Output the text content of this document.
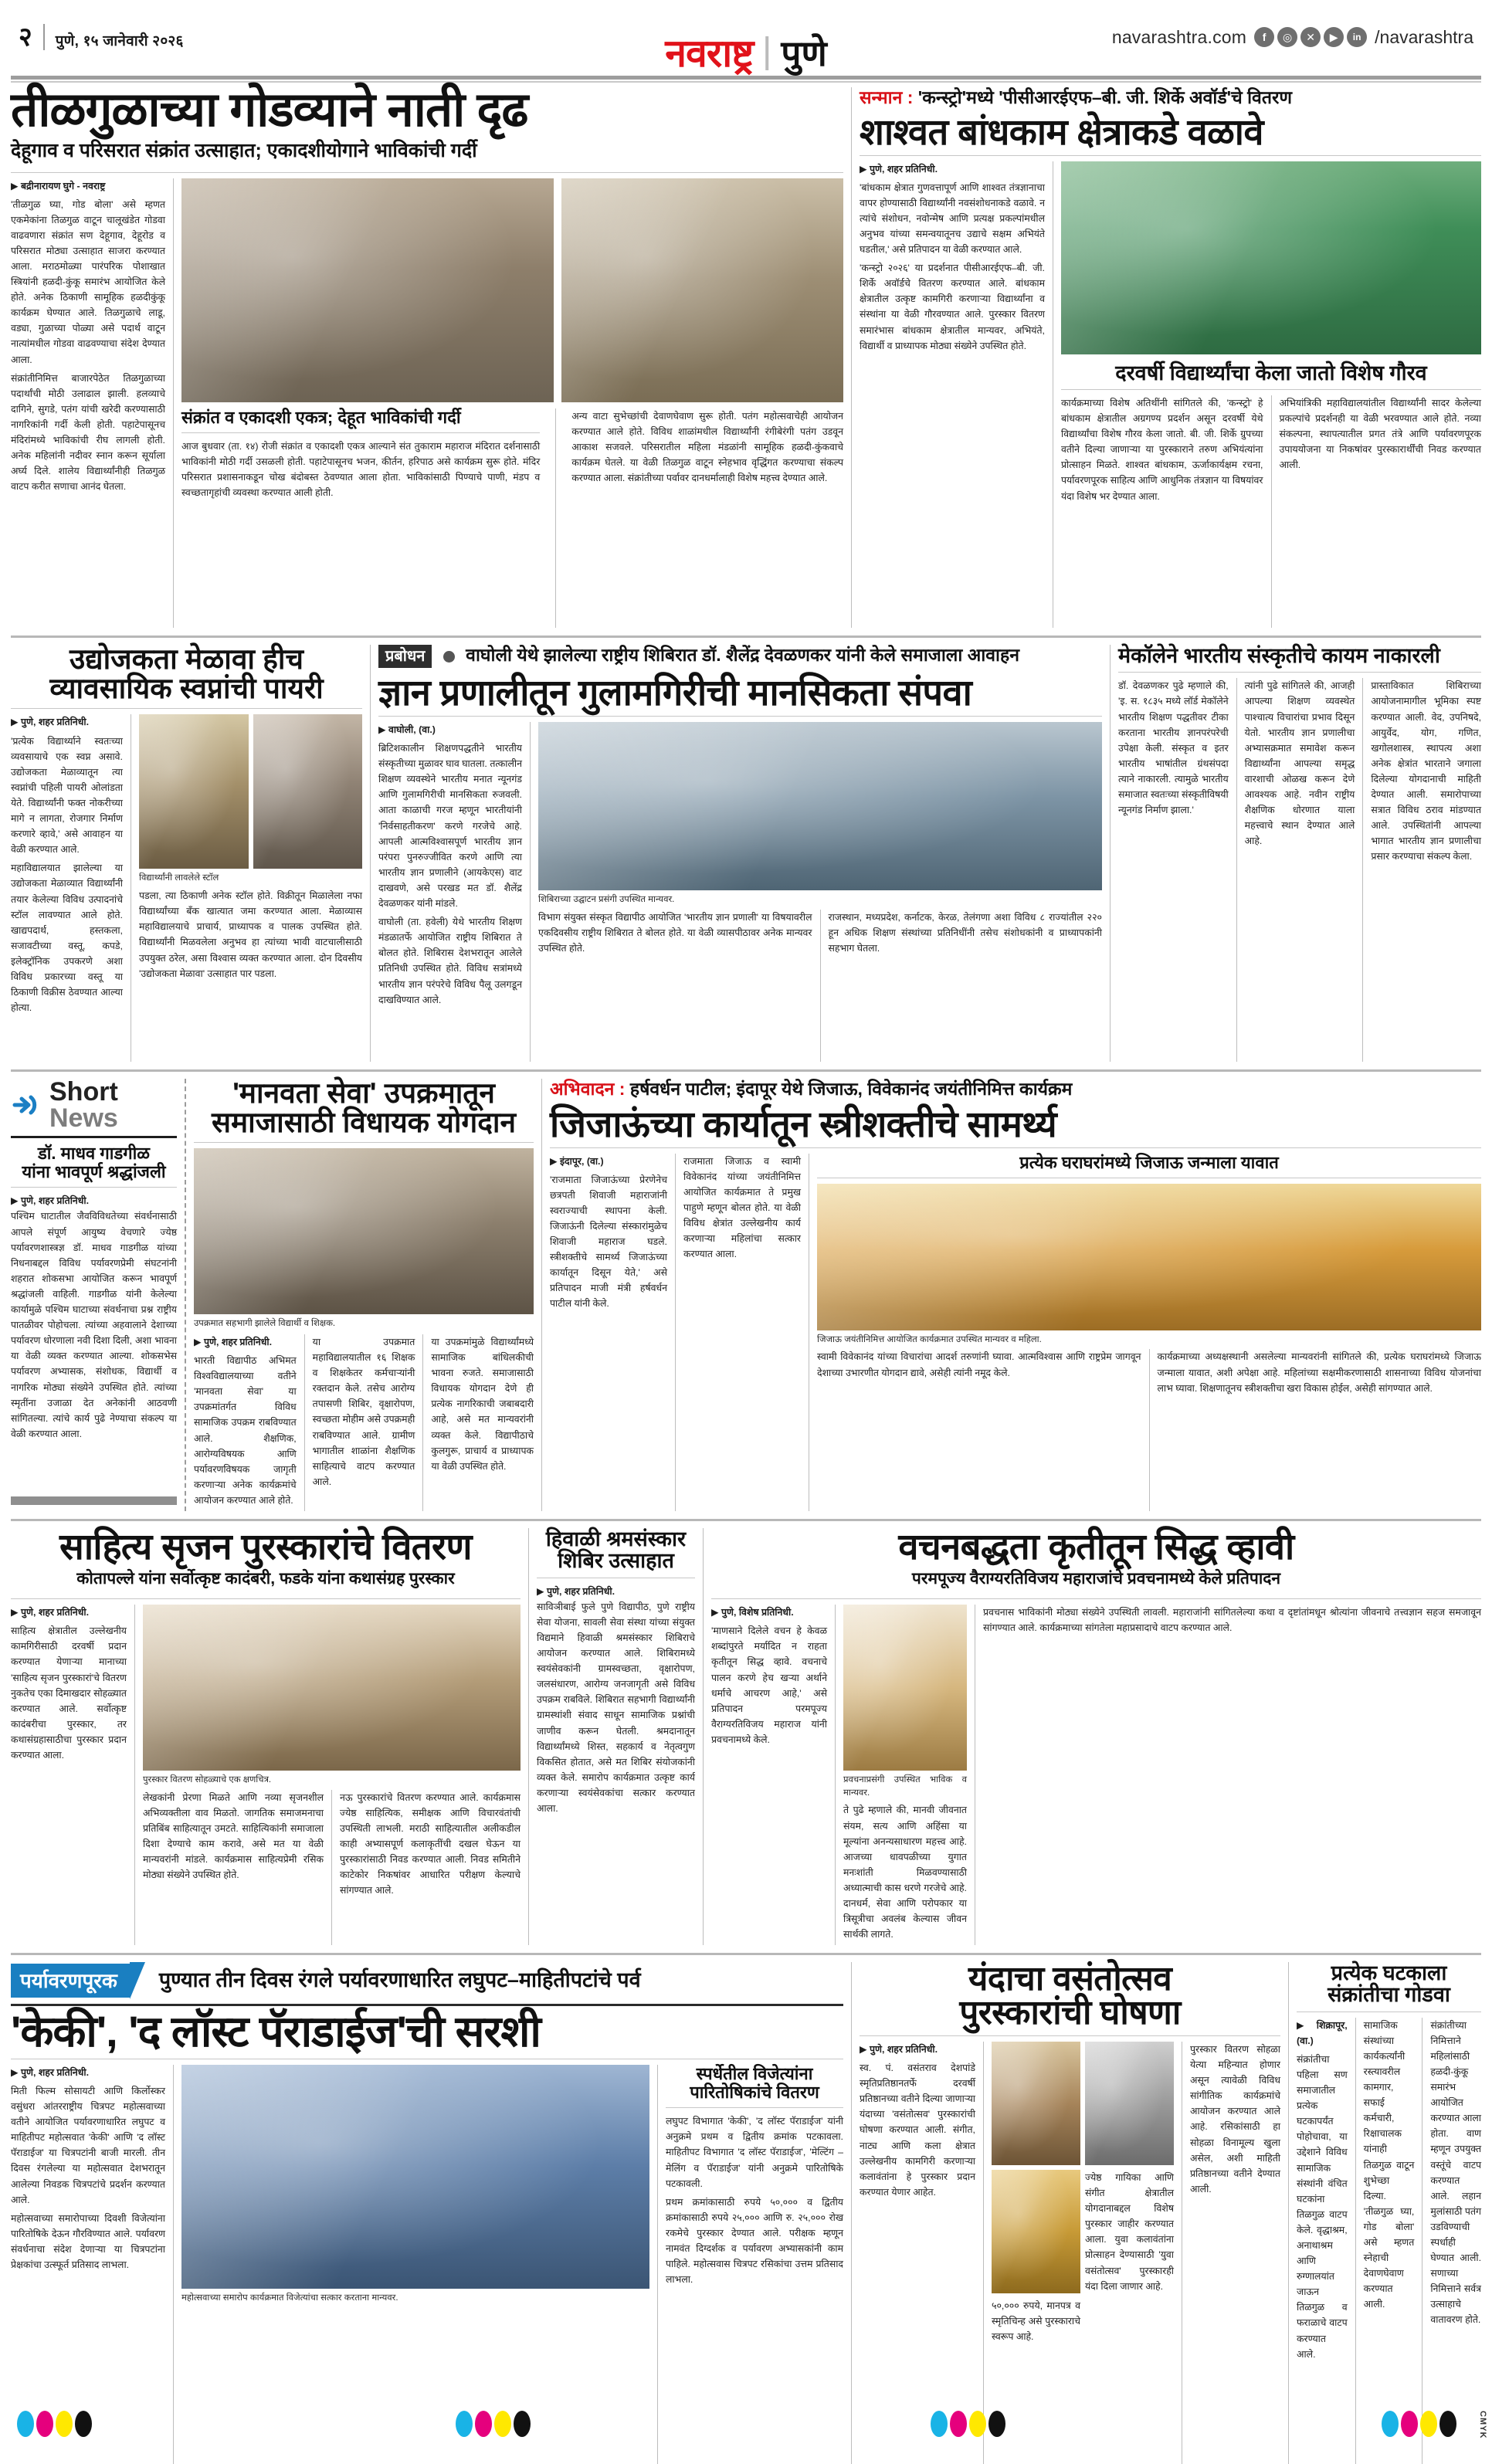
२ पुणे, १५ जानेवारी २०२६	नवराष्ट्र पुणे	navarashtra.com	f	◎	✕	▶	in /navarashtra
तीळगुळाच्या गोडव्याने नाती दृढ
देहूगाव व परिसरात संक्रांत उत्साहात; एकादशीयोगाने भाविकांची गर्दी

▶ बद्रीनारायण घुगे - नवराष्ट्र

'तीळगुळ घ्या, गोड बोला' असे म्हणत एकमेकांना तिळगुळ वाटून चालूखंडेत गोडवा वाढवणारा संक्रांत सण देहूगाव, देहूरोड व परिसरात मोठ्या उत्साहात साजरा करण्यात आला. मराठमोळ्या पारंपरिक पोशाखात स्त्रियांनी हळदी-कुंकू समारंभ आयोजित केले होते. अनेक ठिकाणी सामूहिक हळदीकुंकू कार्यक्रम घेण्यात आले. तिळगुळाचे लाडू, वड्या, गुळाच्या पोळ्या असे पदार्थ वाटून नात्यांमधील गोडवा वाढवण्याचा संदेश देण्यात आला.

संक्रांतीनिमित्त बाजारपेठेत तिळगुळाच्या पदार्थांची मोठी उलाढाल झाली. हलव्याचे दागिने, सुगडे, पतंग यांची खरेदी करण्यासाठी नागरिकांनी गर्दी केली होती. पहाटेपासूनच मंदिरांमध्ये भाविकांची रीघ लागली होती. अनेक महिलांनी नदीवर स्नान करून सूर्याला अर्घ्य दिले. शालेय विद्यार्थ्यांनीही तिळगुळ वाटप करीत सणाचा आनंद घेतला.

संक्रांत व एकादशी एकत्र; देहूत भाविकांची गर्दी
आज बुधवार (ता. १४) रोजी संक्रांत व एकादशी एकत्र आल्याने संत तुकाराम महाराज मंदिरात दर्शनासाठी भाविकांनी मोठी गर्दी उसळली होती. पहाटेपासूनच भजन, कीर्तन, हरिपाठ असे कार्यक्रम सुरू होते. मंदिर परिसरात प्रशासनाकडून चोख बंदोबस्त ठेवण्यात आला होता. भाविकांसाठी पिण्याचे पाणी, मंडप व स्वच्छतागृहांची व्यवस्था करण्यात आली होती.
अन्य वाटा सुभेच्छांची देवाणघेवाण सुरू होती. पतंग महोत्सवाचेही आयोजन करण्यात आले होते. विविध शाळांमधील विद्यार्थ्यांनी रंगीबेरंगी पतंग उडवून आकाश सजवले. परिसरातील महिला मंडळांनी सामूहिक हळदी-कुंकवाचे कार्यक्रम घेतले. या वेळी तिळगुळ वाटून स्नेहभाव वृद्धिंगत करण्याचा संकल्प करण्यात आला. संक्रांतीच्या पर्वावर दानधर्मालाही विशेष महत्त्व देण्यात आले.
सन्मान : 'कन्स्ट्रो'मध्ये 'पीसीआरईएफ–बी. जी. शिर्के अवॉर्ड'चे वितरण
शाश्वत बांधकाम क्षेत्राकडे वळावे

▶ पुणे, शहर प्रतिनिधी.

'बांधकाम क्षेत्रात गुणवत्तापूर्ण आणि शाश्वत तंत्रज्ञानाचा वापर होण्यासाठी विद्यार्थ्यांनी नवसंशोधनाकडे वळावे. न त्यांचे संशोधन, नवोन्मेष आणि प्रत्यक्ष प्रकल्पांमधील अनुभव यांच्या समन्वयातूनच उद्याचे सक्षम अभियंते घडतील,' असे प्रतिपादन या वेळी करण्यात आले.

'कन्स्ट्रो २०२६' या प्रदर्शनात पीसीआरईएफ–बी. जी. शिर्के अवॉर्डचे वितरण करण्यात आले. बांधकाम क्षेत्रातील उत्कृष्ट कामगिरी करणाऱ्या विद्यार्थ्यांना व संस्थांना या वेळी गौरवण्यात आले. पुरस्कार वितरण समारंभास बांधकाम क्षेत्रातील मान्यवर, अभियंते, विद्यार्थी व प्राध्यापक मोठ्या संख्येने उपस्थित होते.

दरवर्षी विद्यार्थ्यांचा केला जातो विशेष गौरव
कार्यक्रमाच्या विशेष अतिथींनी सांगितले की, 'कन्स्ट्रो' हे बांधकाम क्षेत्रातील अग्रगण्य प्रदर्शन असून दरवर्षी येथे विद्यार्थ्यांचा विशेष गौरव केला जातो. बी. जी. शिर्के ग्रुपच्या वतीने दिल्या जाणाऱ्या या पुरस्काराने तरुण अभियंत्यांना प्रोत्साहन मिळते. शाश्वत बांधकाम, ऊर्जाकार्यक्षम रचना, पर्यावरणपूरक साहित्य आणि आधुनिक तंत्रज्ञान या विषयांवर यंदा विशेष भर देण्यात आला.
अभियांत्रिकी महाविद्यालयांतील विद्यार्थ्यांनी सादर केलेल्या प्रकल्पांचे प्रदर्शनही या वेळी भरवण्यात आले होते. नव्या संकल्पना, स्थापत्यातील प्रगत तंत्रे आणि पर्यावरणपूरक उपाययोजना या निकषांवर पुरस्कारार्थींची निवड करण्यात आली.
उद्योजकता मेळावा हीच
व्यावसायिक स्वप्नांची पायरी

▶ पुणे, शहर प्रतिनिधी.

'प्रत्येक विद्यार्थ्याने स्वतःच्या व्यवसायाचे एक स्वप्न असावे. उद्योजकता मेळाव्यातून त्या स्वप्नांची पहिली पायरी ओलांडता येते. विद्यार्थ्यांनी फक्त नोकरीच्या मागे न लागता, रोजगार निर्माण करणारे व्हावे,' असे आवाहन या वेळी करण्यात आले.

महाविद्यालयात झालेल्या या उद्योजकता मेळाव्यात विद्यार्थ्यांनी तयार केलेल्या विविध उत्पादनांचे स्टॉल लावण्यात आले होते. खाद्यपदार्थ, हस्तकला, सजावटीच्या वस्तू, कपडे, इलेक्ट्रॉनिक उपकरणे अशा विविध प्रकारच्या वस्तू या ठिकाणी विक्रीस ठेवण्यात आल्या होत्या.

विद्यार्थ्यांनी लावलेले स्टॉल
पडला, त्या ठिकाणी अनेक स्टॉल होते. विक्रीतून मिळालेला नफा विद्यार्थ्यांच्या बँक खात्यात जमा करण्यात आला. मेळाव्यास महाविद्यालयाचे प्राचार्य, प्राध्यापक व पालक उपस्थित होते. विद्यार्थ्यांनी मिळवलेला अनुभव हा त्यांच्या भावी वाटचालीसाठी उपयुक्त ठरेल, असा विश्वास व्यक्त करण्यात आला. दोन दिवसीय 'उद्योजकता मेळावा' उत्साहात पार पडला.
प्रबोधन वाघोली येथे झालेल्या राष्ट्रीय शिबिरात डॉ. शैलेंद्र देवळणकर यांनी केले समाजाला आवाहन
ज्ञान प्रणालीतून गुलामगिरीची मानसिकता संपवा

▶ वाघोली, (वा.)

ब्रिटिशकालीन शिक्षणपद्धतीने भारतीय संस्कृतीच्या मुळावर घाव घातला. तत्कालीन शिक्षण व्यवस्थेने भारतीय मनात न्यूनगंड आणि गुलामगिरीची मानसिकता रुजवली. आता काळाची गरज म्हणून भारतीयांनी 'निर्वसाहतीकरण' करणे गरजेचे आहे. आपली आत्मविश्वासपूर्ण भारतीय ज्ञान परंपरा पुनरुज्जीवित करणे आणि त्या भारतीय ज्ञान प्रणालीने (आयकेएस) वाट दाखवणे, असे परखड मत डॉ. शैलेंद्र देवळणकर यांनी मांडले.

वाघोली (ता. हवेली) येथे भारतीय शिक्षण मंडळातर्फे आयोजित राष्ट्रीय शिबिरात ते बोलत होते. शिबिरास देशभरातून आलेले प्रतिनिधी उपस्थित होते. विविध सत्रांमध्ये भारतीय ज्ञान परंपरेचे विविध पैलू उलगडून दाखविण्यात आले.

शिबिराच्या उद्घाटन प्रसंगी उपस्थित मान्यवर.
विभाग संयुक्त संस्कृत विद्यापीठ आयोजित 'भारतीय ज्ञान प्रणाली' या विषयावरील एकदिवसीय राष्ट्रीय शिबिरात ते बोलत होते. या वेळी व्यासपीठावर अनेक मान्यवर उपस्थित होते.
राजस्थान, मध्यप्रदेश, कर्नाटक, केरळ, तेलंगणा अशा विविध ८ राज्यांतील २२० हून अधिक शिक्षण संस्थांच्या प्रतिनिधींनी तसेच संशोधकांनी व प्राध्यापकांनी सहभाग घेतला.
मेकॉलेने भारतीय संस्कृतीचे कायम नाकारली
डॉ. देवळणकर पुढे म्हणाले की, 'इ. स. १८३५ मध्ये लॉर्ड मेकॉलेने भारतीय शिक्षण पद्धतीवर टीका करताना भारतीय ज्ञानपरंपरेची उपेक्षा केली. संस्कृत व इतर भारतीय भाषांतील ग्रंथसंपदा त्याने नाकारली. त्यामुळे भारतीय समाजात स्वतःच्या संस्कृतीविषयी न्यूनगंड निर्माण झाला.'
त्यांनी पुढे सांगितले की, आजही आपल्या शिक्षण व्यवस्थेत पाश्चात्य विचारांचा प्रभाव दिसून येतो. भारतीय ज्ञान प्रणालीचा अभ्यासक्रमात समावेश करून विद्यार्थ्यांना आपल्या समृद्ध वारशाची ओळख करून देणे आवश्यक आहे. नवीन राष्ट्रीय शैक्षणिक धोरणात याला महत्त्वाचे स्थान देण्यात आले आहे.
प्रास्ताविकात शिबिराच्या आयोजनामागील भूमिका स्पष्ट करण्यात आली. वेद, उपनिषदे, आयुर्वेद, योग, गणित, खगोलशास्त्र, स्थापत्य अशा अनेक क्षेत्रांत भारताने जगाला दिलेल्या योगदानाची माहिती देण्यात आली. समारोपाच्या सत्रात विविध ठराव मांडण्यात आले. उपस्थितांनी आपल्या भागात भारतीय ज्ञान प्रणालीचा प्रसार करण्याचा संकल्प केला.
Short News
डॉ. माधव गाडगीळ
यांना भावपूर्ण श्रद्धांजली

▶ पुणे, शहर प्रतिनिधी.

पश्चिम घाटातील जैवविविधतेच्या संवर्धनासाठी आपले संपूर्ण आयुष्य वेचणारे ज्येष्ठ पर्यावरणशास्त्रज्ञ डॉ. माधव गाडगीळ यांच्या निधनाबद्दल विविध पर्यावरणप्रेमी संघटनांनी शहरात शोकसभा आयोजित करून भावपूर्ण श्रद्धांजली वाहिली. गाडगीळ यांनी केलेल्या कार्यामुळे पश्चिम घाटाच्या संवर्धनाचा प्रश्न राष्ट्रीय पातळीवर पोहोचला. त्यांच्या अहवालाने देशाच्या पर्यावरण धोरणाला नवी दिशा दिली, अशा भावना या वेळी व्यक्त करण्यात आल्या. शोकसभेस पर्यावरण अभ्यासक, संशोधक, विद्यार्थी व नागरिक मोठ्या संख्येने उपस्थित होते. त्यांच्या स्मृतींना उजाळा देत अनेकांनी आठवणी सांगितल्या. त्यांचे कार्य पुढे नेण्याचा संकल्प या वेळी करण्यात आला.

'मानवता सेवा' उपक्रमातून
समाजासाठी विधायक योगदान
उपक्रमात सहभागी झालेले विद्यार्थी व शिक्षक.

▶ पुणे, शहर प्रतिनिधी.

भारती विद्यापीठ अभिमत विश्वविद्यालयाच्या वतीने 'मानवता सेवा' या उपक्रमांतर्गत विविध सामाजिक उपक्रम राबविण्यात आले. शैक्षणिक, आरोग्यविषयक आणि पर्यावरणविषयक जागृती करणाऱ्या अनेक कार्यक्रमांचे आयोजन करण्यात आले होते.

या उपक्रमात महाविद्यालयातील १६ शिक्षक व शिक्षकेतर कर्मचाऱ्यांनी रक्तदान केले. तसेच आरोग्य तपासणी शिबिर, वृक्षारोपण, स्वच्छता मोहीम असे उपक्रमही राबविण्यात आले. ग्रामीण भागातील शाळांना शैक्षणिक साहित्याचे वाटप करण्यात आले.
या उपक्रमांमुळे विद्यार्थ्यांमध्ये सामाजिक बांधिलकीची भावना रुजते. समाजासाठी विधायक योगदान देणे ही प्रत्येक नागरिकाची जबाबदारी आहे, असे मत मान्यवरांनी व्यक्त केले. विद्यापीठाचे कुलगुरू, प्राचार्य व प्राध्यापक या वेळी उपस्थित होते.
अभिवादन : हर्षवर्धन पाटील; इंदापूर येथे जिजाऊ, विवेकानंद जयंतीनिमित्त कार्यक्रम
जिजाऊंच्या कार्यातून स्त्रीशक्तीचे सामर्थ्य

▶ इंदापूर, (वा.)

'राजमाता जिजाऊंच्या प्रेरणेनेच छत्रपती शिवाजी महाराजांनी स्वराज्याची स्थापना केली. जिजाऊंनी दिलेल्या संस्कारांमुळेच शिवाजी महाराज घडले. स्त्रीशक्तीचे सामर्थ्य जिजाऊंच्या कार्यातून दिसून येते,' असे प्रतिपादन माजी मंत्री हर्षवर्धन पाटील यांनी केले.

राजमाता जिजाऊ व स्वामी विवेकानंद यांच्या जयंतीनिमित्त आयोजित कार्यक्रमात ते प्रमुख पाहुणे म्हणून बोलत होते. या वेळी विविध क्षेत्रांत उल्लेखनीय कार्य करणाऱ्या महिलांचा सत्कार करण्यात आला.
प्रत्येक घराघरांमध्ये जिजाऊ जन्माला यावात
जिजाऊ जयंतीनिमित्त आयोजित कार्यक्रमात उपस्थित मान्यवर व महिला.
स्वामी विवेकानंद यांच्या विचारांचा आदर्श तरुणांनी घ्यावा. आत्मविश्वास आणि राष्ट्रप्रेम जागवून देशाच्या उभारणीत योगदान द्यावे, असेही त्यांनी नमूद केले.
कार्यक्रमाच्या अध्यक्षस्थानी असलेल्या मान्यवरांनी सांगितले की, प्रत्येक घराघरांमध्ये जिजाऊ जन्माला यावात, अशी अपेक्षा आहे. महिलांच्या सक्षमीकरणासाठी शासनाच्या विविध योजनांचा लाभ घ्यावा. शिक्षणातूनच स्त्रीशक्तीचा खरा विकास होईल, असेही सांगण्यात आले.
साहित्य सृजन पुरस्कारांचे वितरण
कोतापल्ले यांना सर्वोत्कृष्ट कादंबरी, फडके यांना कथासंग्रह पुरस्कार

▶ पुणे, शहर प्रतिनिधी.

साहित्य क्षेत्रातील उल्लेखनीय कामगिरीसाठी दरवर्षी प्रदान करण्यात येणाऱ्या मानाच्या 'साहित्य सृजन पुरस्कारां'चे वितरण नुकतेच एका दिमाखदार सोहळ्यात करण्यात आले. सर्वोत्कृष्ट कादंबरीचा पुरस्कार, तर कथासंग्रहासाठीचा पुरस्कार प्रदान करण्यात आला.

पुरस्कार वितरण सोहळ्याचे एक क्षणचित्र.
लेखकांनी प्रेरणा मिळते आणि नव्या सृजनशील अभिव्यक्तीला वाव मिळतो. जागतिक समाजमनाचा प्रतिबिंब साहित्यातून उमटते. साहित्यिकांनी समाजाला दिशा देण्याचे काम करावे, असे मत या वेळी मान्यवरांनी मांडले. कार्यक्रमास साहित्यप्रेमी रसिक मोठ्या संख्येने उपस्थित होते.
नऊ पुरस्कारांचे वितरण करण्यात आले. कार्यक्रमास ज्येष्ठ साहित्यिक, समीक्षक आणि विचारवंतांची उपस्थिती लाभली. मराठी साहित्यातील अलीकडील काही अभ्यासपूर्ण कलाकृतींची दखल घेऊन या पुरस्कारांसाठी निवड करण्यात आली. निवड समितीने काटेकोर निकषांवर आधारित परीक्षण केल्याचे सांगण्यात आले.
हिवाळी श्रमसंस्कार
शिबिर उत्साहात

▶ पुणे, शहर प्रतिनिधी.

साविञीबाई फुले पुणे विद्यापीठ, पुणे राष्ट्रीय सेवा योजना, सावली सेवा संस्था यांच्या संयुक्त विद्यमाने हिवाळी श्रमसंस्कार शिबिराचे आयोजन करण्यात आले. शिबिरामध्ये स्वयंसेवकांनी ग्रामस्वच्छता, वृक्षारोपण, जलसंधारण, आरोग्य जनजागृती असे विविध उपक्रम राबविले. शिबिरात सहभागी विद्यार्थ्यांनी ग्रामस्थांशी संवाद साधून सामाजिक प्रश्नांची जाणीव करून घेतली. श्रमदानातून विद्यार्थ्यांमध्ये शिस्त, सहकार्य व नेतृत्वगुण विकसित होतात, असे मत शिबिर संयोजकांनी व्यक्त केले. समारोप कार्यक्रमात उत्कृष्ट कार्य करणाऱ्या स्वयंसेवकांचा सत्कार करण्यात आला.

वचनबद्धता कृतीतून सिद्ध व्हावी
परमपूज्य वैराग्यरतिविजय महाराजांचे प्रवचनामध्ये केले प्रतिपादन

▶ पुणे, विशेष प्रतिनिधी.

'माणसाने दिलेले वचन हे केवळ शब्दांपुरते मर्यादित न राहता कृतीतून सिद्ध व्हावे. वचनाचे पालन करणे हेच खऱ्या अर्थाने धर्माचे आचरण आहे,' असे प्रतिपादन परमपूज्य वैराग्यरतिविजय महाराज यांनी प्रवचनामध्ये केले.

प्रवचनाप्रसंगी उपस्थित भाविक व मान्यवर.
ते पुढे म्हणाले की, मानवी जीवनात संयम, सत्य आणि अहिंसा या मूल्यांना अनन्यसाधारण महत्त्व आहे. आजच्या धावपळीच्या युगात मनःशांती मिळवण्यासाठी अध्यात्माची कास धरणे गरजेचे आहे. दानधर्म, सेवा आणि परोपकार या त्रिसूत्रीचा अवलंब केल्यास जीवन सार्थकी लागते.
प्रवचनास भाविकांनी मोठ्या संख्येने उपस्थिती लावली. महाराजांनी सांगितलेल्या कथा व दृष्टांतांमधून श्रोत्यांना जीवनाचे तत्त्वज्ञान सहज समजावून सांगण्यात आले. कार्यक्रमाच्या सांगतेला महाप्रसादाचे वाटप करण्यात आले.
पर्यावरणपूरक	पुण्यात तीन दिवस रंगले पर्यावरणाधारित लघुपट–माहितीपटांचे पर्व
'केकी', 'द लॉस्ट पॅराडाईज'ची सरशी

▶ पुणे, शहर प्रतिनिधी.

मिती फिल्म सोसायटी आणि किर्लोस्कर वसुंधरा आंतरराष्ट्रीय चित्रपट महोत्सवाच्या वतीने आयोजित पर्यावरणाधारित लघुपट व माहितीपट महोत्सवात 'केकी' आणि 'द लॉस्ट पॅराडाईज' या चित्रपटांनी बाजी मारली. तीन दिवस रंगलेल्या या महोत्सवात देशभरातून आलेल्या निवडक चित्रपटांचे प्रदर्शन करण्यात आले.

महोत्सवाच्या समारोपाच्या दिवशी विजेत्यांना पारितोषिके देऊन गौरविण्यात आले. पर्यावरण संवर्धनाचा संदेश देणाऱ्या या चित्रपटांना प्रेक्षकांचा उत्स्फूर्त प्रतिसाद लाभला.

महोत्सवाच्या समारोप कार्यक्रमात विजेत्यांचा सत्कार करताना मान्यवर.
स्पर्धेतील विजेत्यांना पारितोषिकांचे वितरण
लघुपट विभागात 'केकी', 'द लॉस्ट पॅराडाईज' यांनी अनुक्रमे प्रथम व द्वितीय क्रमांक पटकावला. माहितीपट विभागात 'द लॉस्ट पॅराडाईज', 'मेल्टिंग – मेलिंग व पॅराडाईज' यांनी अनुक्रमे पारितोषिके पटकावली.
प्रथम क्रमांकासाठी रुपये ५०,००० व द्वितीय क्रमांकासाठी रुपये २५,००० आणि रु. २५,००० रोख रकमेचे पुरस्कार देण्यात आले. परीक्षक म्हणून नामवंत दिग्दर्शक व पर्यावरण अभ्यासकांनी काम पाहिले. महोत्सवास चित्रपट रसिकांचा उत्तम प्रतिसाद लाभला.
यंदाचा वसंतोत्सव
पुरस्कारांची घोषणा

▶ पुणे, शहर प्रतिनिधी.

स्व. पं. वसंतराव देशपांडे स्मृतिप्रतिष्ठानतर्फे दरवर्षी प्रतिष्ठानच्या वतीने दिल्या जाणाऱ्या यंदाच्या 'वसंतोत्सव' पुरस्कारांची घोषणा करण्यात आली. संगीत, नाट्य आणि कला क्षेत्रात उल्लेखनीय कामगिरी करणाऱ्या कलावंतांना हे पुरस्कार प्रदान करण्यात येणार आहेत.

५०,००० रुपये, मानपत्र व स्मृतिचिन्ह असे पुरस्काराचे स्वरूप आहे.
ज्येष्ठ गायिका आणि संगीत क्षेत्रातील योगदानाबद्दल विशेष पुरस्कार जाहीर करण्यात आला. युवा कलावंतांना प्रोत्साहन देण्यासाठी 'युवा वसंतोत्सव' पुरस्कारही यंदा दिला जाणार आहे.
पुरस्कार वितरण सोहळा येत्या महिन्यात होणार असून त्यावेळी विविध सांगीतिक कार्यक्रमांचे आयोजन करण्यात आले आहे. रसिकांसाठी हा सोहळा विनामूल्य खुला असेल, अशी माहिती प्रतिष्ठानच्या वतीने देण्यात आली.
प्रत्येक घटकाला
संक्रांतीचा गोडवा

▶ शिक्रापूर, (वा.)

संक्रांतीचा पहिला सण समाजातील प्रत्येक घटकापर्यंत पोहोचावा, या उद्देशाने विविध सामाजिक संस्थांनी वंचित घटकांना तिळगुळ वाटप केले. वृद्धाश्रम, अनाथाश्रम आणि रुग्णालयांत जाऊन तिळगुळ व फराळाचे वाटप करण्यात आले.

सामाजिक संस्थांच्या कार्यकर्त्यांनी रस्त्यावरील कामगार, सफाई कर्मचारी, रिक्षाचालक यांनाही तिळगुळ वाटून शुभेच्छा दिल्या. 'तीळगुळ घ्या, गोड बोला' असे म्हणत स्नेहाची देवाणघेवाण करण्यात आली.
संक्रांतीच्या निमित्ताने महिलांसाठी हळदी-कुंकू समारंभ आयोजित करण्यात आला होता. वाण म्हणून उपयुक्त वस्तूंचे वाटप करण्यात आले. लहान मुलांसाठी पतंग उडविण्याची स्पर्धाही घेण्यात आली. सणाच्या निमित्ताने सर्वत्र उत्साहाचे वातावरण होते.
CMYK
